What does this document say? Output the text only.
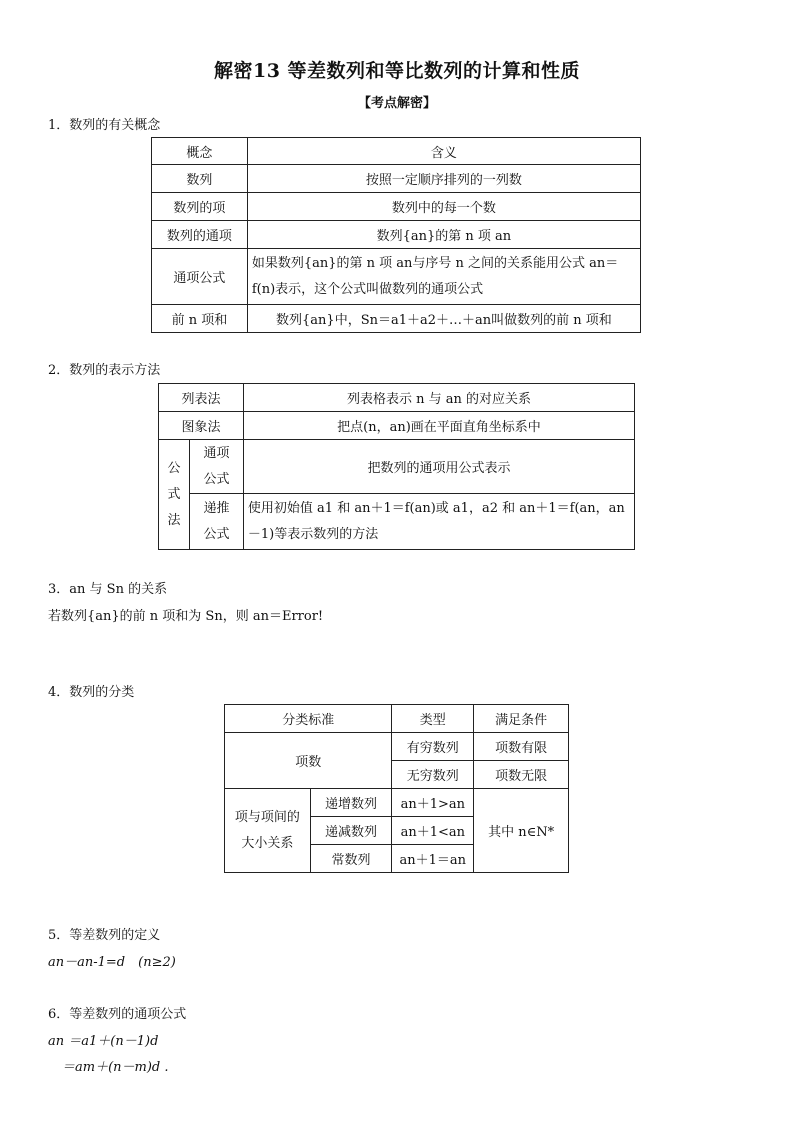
解密13 等差数列和等比数列的计算和性质
【考点解密】
1．数列的有关概念
概念	含义
数列	按照一定顺序排列的一列数
数列的项	数列中的每一个数
数列的通项	数列{an}的第 n 项 an
通项公式	如果数列{an}的第 n 项 an与序号 n 之间的关系能用公式 an＝f(n)表示，这个公式叫做数列的通项公式
前 n 项和	数列{an}中，Sn＝a1＋a2＋…＋an叫做数列的前 n 项和
2．数列的表示方法
列表法		列表格表示 n 与 an 的对应关系
图象法		把点(n，an)画在平面直角坐标系中
公式法	通项公式	把数列的通项用公式表示
	递推公式	使用初始值 a1 和 an＋1＝f(an)或 a1，a2 和 an＋1＝f(an，an－1)等表示数列的方法
3．an 与 Sn 的关系
若数列{an}的前 n 项和为 Sn，则 an＝Error!
4．数列的分类
分类标准		类型	满足条件
项数		有穷数列	项数有限
		无穷数列	项数无限
项与项间的大小关系	递增数列	an＋1>an	其中 n∈N*
	递减数列	an＋1<an	
	常数列	an＋1＝an	
5．等差数列的定义
an－an-1=d　(n≥2)
6．等差数列的通项公式
an ＝a1＋(n－1)d
＝am＋(n－m)d .
